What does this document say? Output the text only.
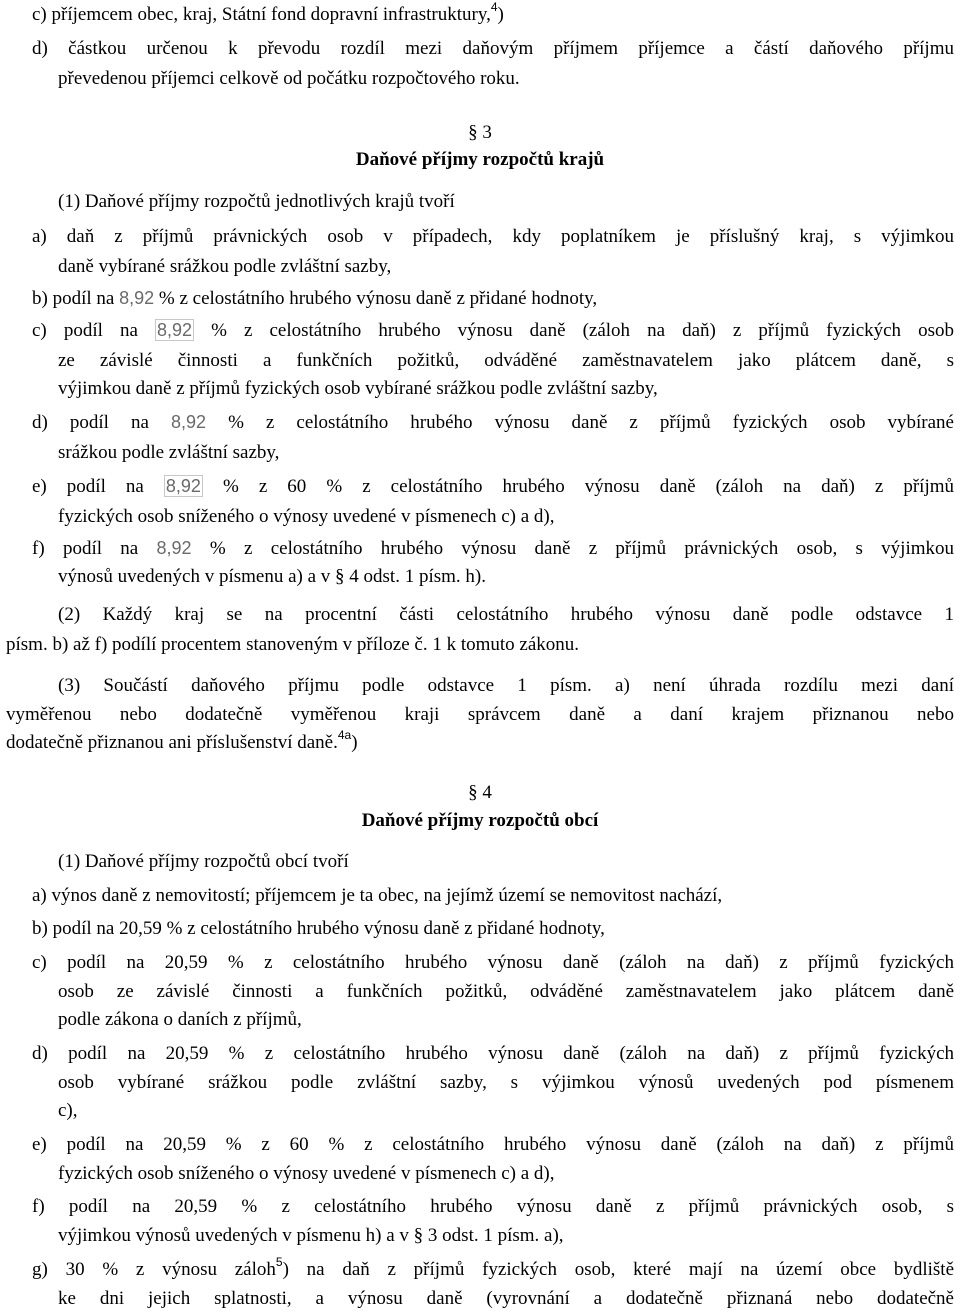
c) příjemcem obec, kraj, Státní fond dopravní infrastruktury,$^4$)
d) částkou určenou k převodu rozdíl mezi daňovým příjmem příjemce a částí daňového příjmu
převedenou příjemci celkově od počátku rozpočtového roku.
§ 3
Daňové příjmy rozpočtů krajů
(1) Daňové příjmy rozpočtů jednotlivých krajů tvoří
a) daň z příjmů právnických osob v případech, kdy poplatníkem je příslušný kraj, s výjimkou
daně vybírané srážkou podle zvláštní sazby,
b) podíl na 8,92 % z celostátního hrubého výnosu daně z přidané hodnoty,
c) podíl na 8,92 % z celostátního hrubého výnosu daně (záloh na daň) z příjmů fyzických osob
ze závislé činnosti a funkčních požitků, odváděné zaměstnavatelem jako plátcem daně, s
výjimkou daně z příjmů fyzických osob vybírané srážkou podle zvláštní sazby,
d) podíl na 8,92 % z celostátního hrubého výnosu daně z příjmů fyzických osob vybírané
srážkou podle zvláštní sazby,
e) podíl na 8,92 % z 60 % z celostátního hrubého výnosu daně (záloh na daň) z příjmů
fyzických osob sníženého o výnosy uvedené v písmenech c) a d),
f) podíl na 8,92 % z celostátního hrubého výnosu daně z příjmů právnických osob, s výjimkou
výnosů uvedených v písmenu a) a v § 4 odst. 1 písm. h).
(2) Každý kraj se na procentní části celostátního hrubého výnosu daně podle odstavce 1
písm. b) až f) podílí procentem stanoveným v příloze č. 1 k tomuto zákonu.
(3) Součástí daňového příjmu podle odstavce 1 písm. a) není úhrada rozdílu mezi daní
vyměřenou nebo dodatečně vyměřenou kraji správcem daně a daní krajem přiznanou nebo
dodatečně přiznanou ani příslušenství daně.$^{4a}$)
§ 4
Daňové příjmy rozpočtů obcí
(1) Daňové příjmy rozpočtů obcí tvoří
a) výnos daně z nemovitostí; příjemcem je ta obec, na jejímž území se nemovitost nachází,
b) podíl na 20,59 % z celostátního hrubého výnosu daně z přidané hodnoty,
c) podíl na 20,59 % z celostátního hrubého výnosu daně (záloh na daň) z příjmů fyzických
osob ze závislé činnosti a funkčních požitků, odváděné zaměstnavatelem jako plátcem daně
podle zákona o daních z příjmů,
d) podíl na 20,59 % z celostátního hrubého výnosu daně (záloh na daň) z příjmů fyzických
osob vybírané srážkou podle zvláštní sazby, s výjimkou výnosů uvedených pod písmenem
c),
e) podíl na 20,59 % z 60 % z celostátního hrubého výnosu daně (záloh na daň) z příjmů
fyzických osob sníženého o výnosy uvedené v písmenech c) a d),
f) podíl na 20,59 % z celostátního hrubého výnosu daně z příjmů právnických osob, s
výjimkou výnosů uvedených v písmenu h) a v § 3 odst. 1 písm. a),
g) 30 % z výnosu záloh$^5$) na daň z příjmů fyzických osob, které mají na území obce bydliště
ke dni jejich splatnosti, a výnosu daně (vyrovnání a dodatečně přiznaná nebo dodatečně
